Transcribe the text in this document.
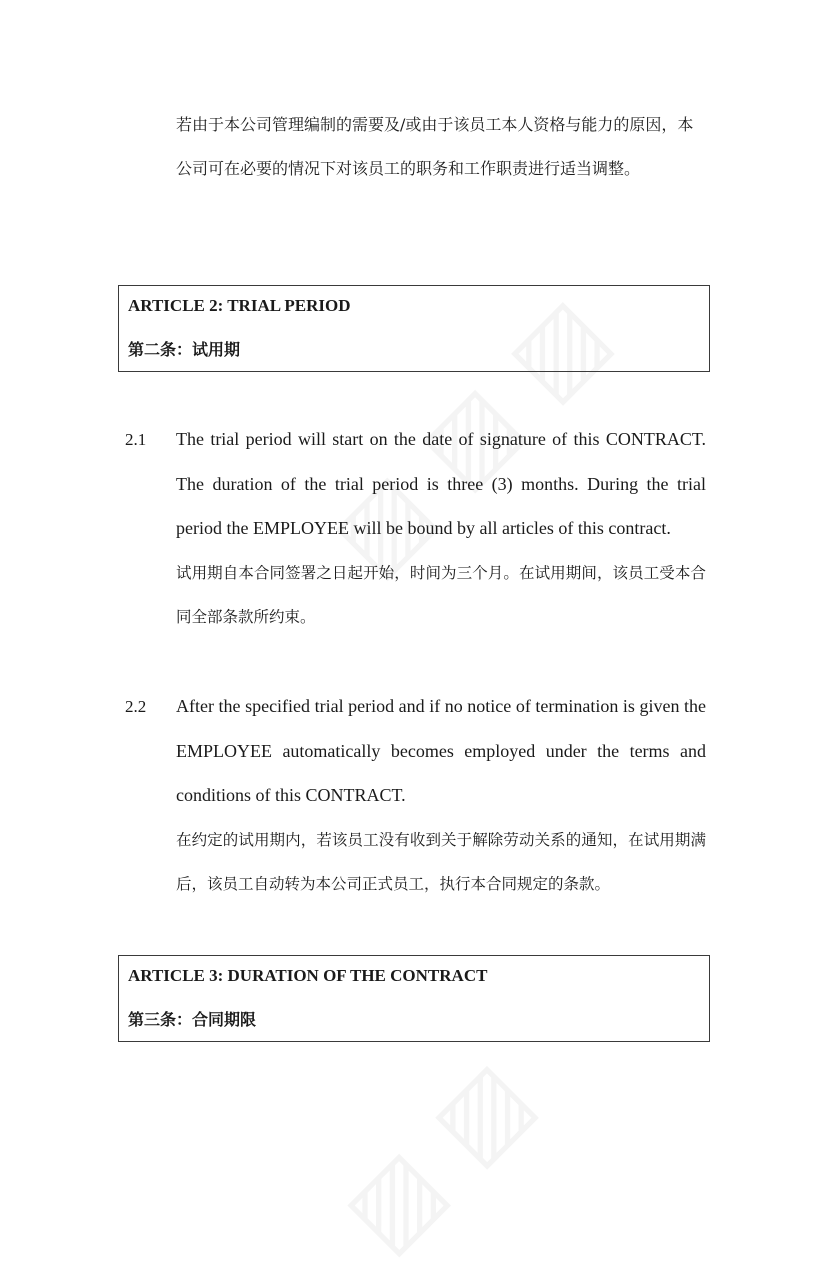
若由于本公司管理编制的需要及/或由于该员工本人资格与能力的原因，本公司可在必要的情况下对该员工的职务和工作职责进行适当调整。

ARTICLE 2: TRIAL PERIOD
第二条：试用期
2.1 The trial period will start on the date of signature of this CONTRACT. The duration of the trial period is three (3) months. During the trial period the EMPLOYEE will be bound by all articles of this contract.

试用期自本合同签署之日起开始，时间为三个月。在试用期间，该员工受本合同全部条款所约束。

2.2 After the specified trial period and if no notice of termination is given the EMPLOYEE automatically becomes employed under the terms and conditions of this CONTRACT.

在约定的试用期内，若该员工没有收到关于解除劳动关系的通知，在试用期满后，该员工自动转为本公司正式员工，执行本合同规定的条款。

ARTICLE 3: DURATION OF THE CONTRACT
第三条：合同期限
